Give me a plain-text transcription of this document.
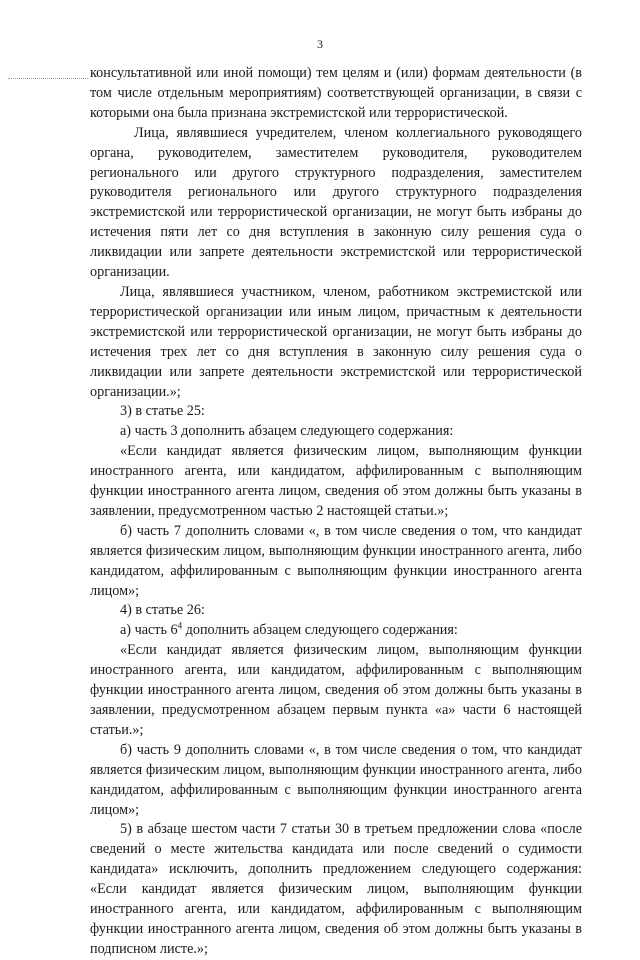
3

консультативной или иной помощи) тем целям и (или) формам деятельности (в том числе отдельным мероприятиям) соответствующей организации, в связи с которыми она была признана экстремистской или террористической.

Лица, являвшиеся учредителем, членом коллегиального руководящего органа, руководителем, заместителем руководителя, руководителем регионального или другого структурного подразделения, заместителем руководителя регионального или другого структурного подразделения экстремистской или террористической организации, не могут быть избраны до истечения пяти лет со дня вступления в законную силу решения суда о ликвидации или запрете деятельности экстремистской или террористической организации.

Лица, являвшиеся участником, членом, работником экстремистской или террористической организации или иным лицом, причастным к деятельности экстремистской или террористической организации, не могут быть избраны до истечения трех лет со дня вступления в законную силу решения суда о ликвидации или запрете деятельности экстремистской или террористической организации.»;

3) в статье 25:

а) часть 3 дополнить абзацем следующего содержания:

«Если кандидат является физическим лицом, выполняющим функции иностранного агента, или кандидатом, аффилированным с выполняющим функции иностранного агента лицом, сведения об этом должны быть указаны в заявлении, предусмотренном частью 2 настоящей статьи.»;

б) часть 7 дополнить словами «, в том числе сведения о том, что кандидат является физическим лицом, выполняющим функции иностранного агента, либо кандидатом, аффилированным с выполняющим функции иностранного агента лицом»;

4) в статье 26:

а) часть $6^4$ дополнить абзацем следующего содержания:

«Если кандидат является физическим лицом, выполняющим функции иностранного агента, или кандидатом, аффилированным с выполняющим функции иностранного агента лицом, сведения об этом должны быть указаны в заявлении, предусмотренном абзацем первым пункта «а» части 6 настоящей статьи.»;

б) часть 9 дополнить словами «, в том числе сведения о том, что кандидат является физическим лицом, выполняющим функции иностранного агента, либо кандидатом, аффилированным с выполняющим функции иностранного агента лицом»;

5) в абзаце шестом части 7 статьи 30 в третьем предложении слова «после сведений о месте жительства кандидата или после сведений о судимости кандидата» исключить, дополнить предложением следующего содержания: «Если кандидат является физическим лицом, выполняющим функции иностранного агента, или кандидатом, аффилированным с выполняющим функции иностранного агента лицом, сведения об этом должны быть указаны в подписном листе.»;
